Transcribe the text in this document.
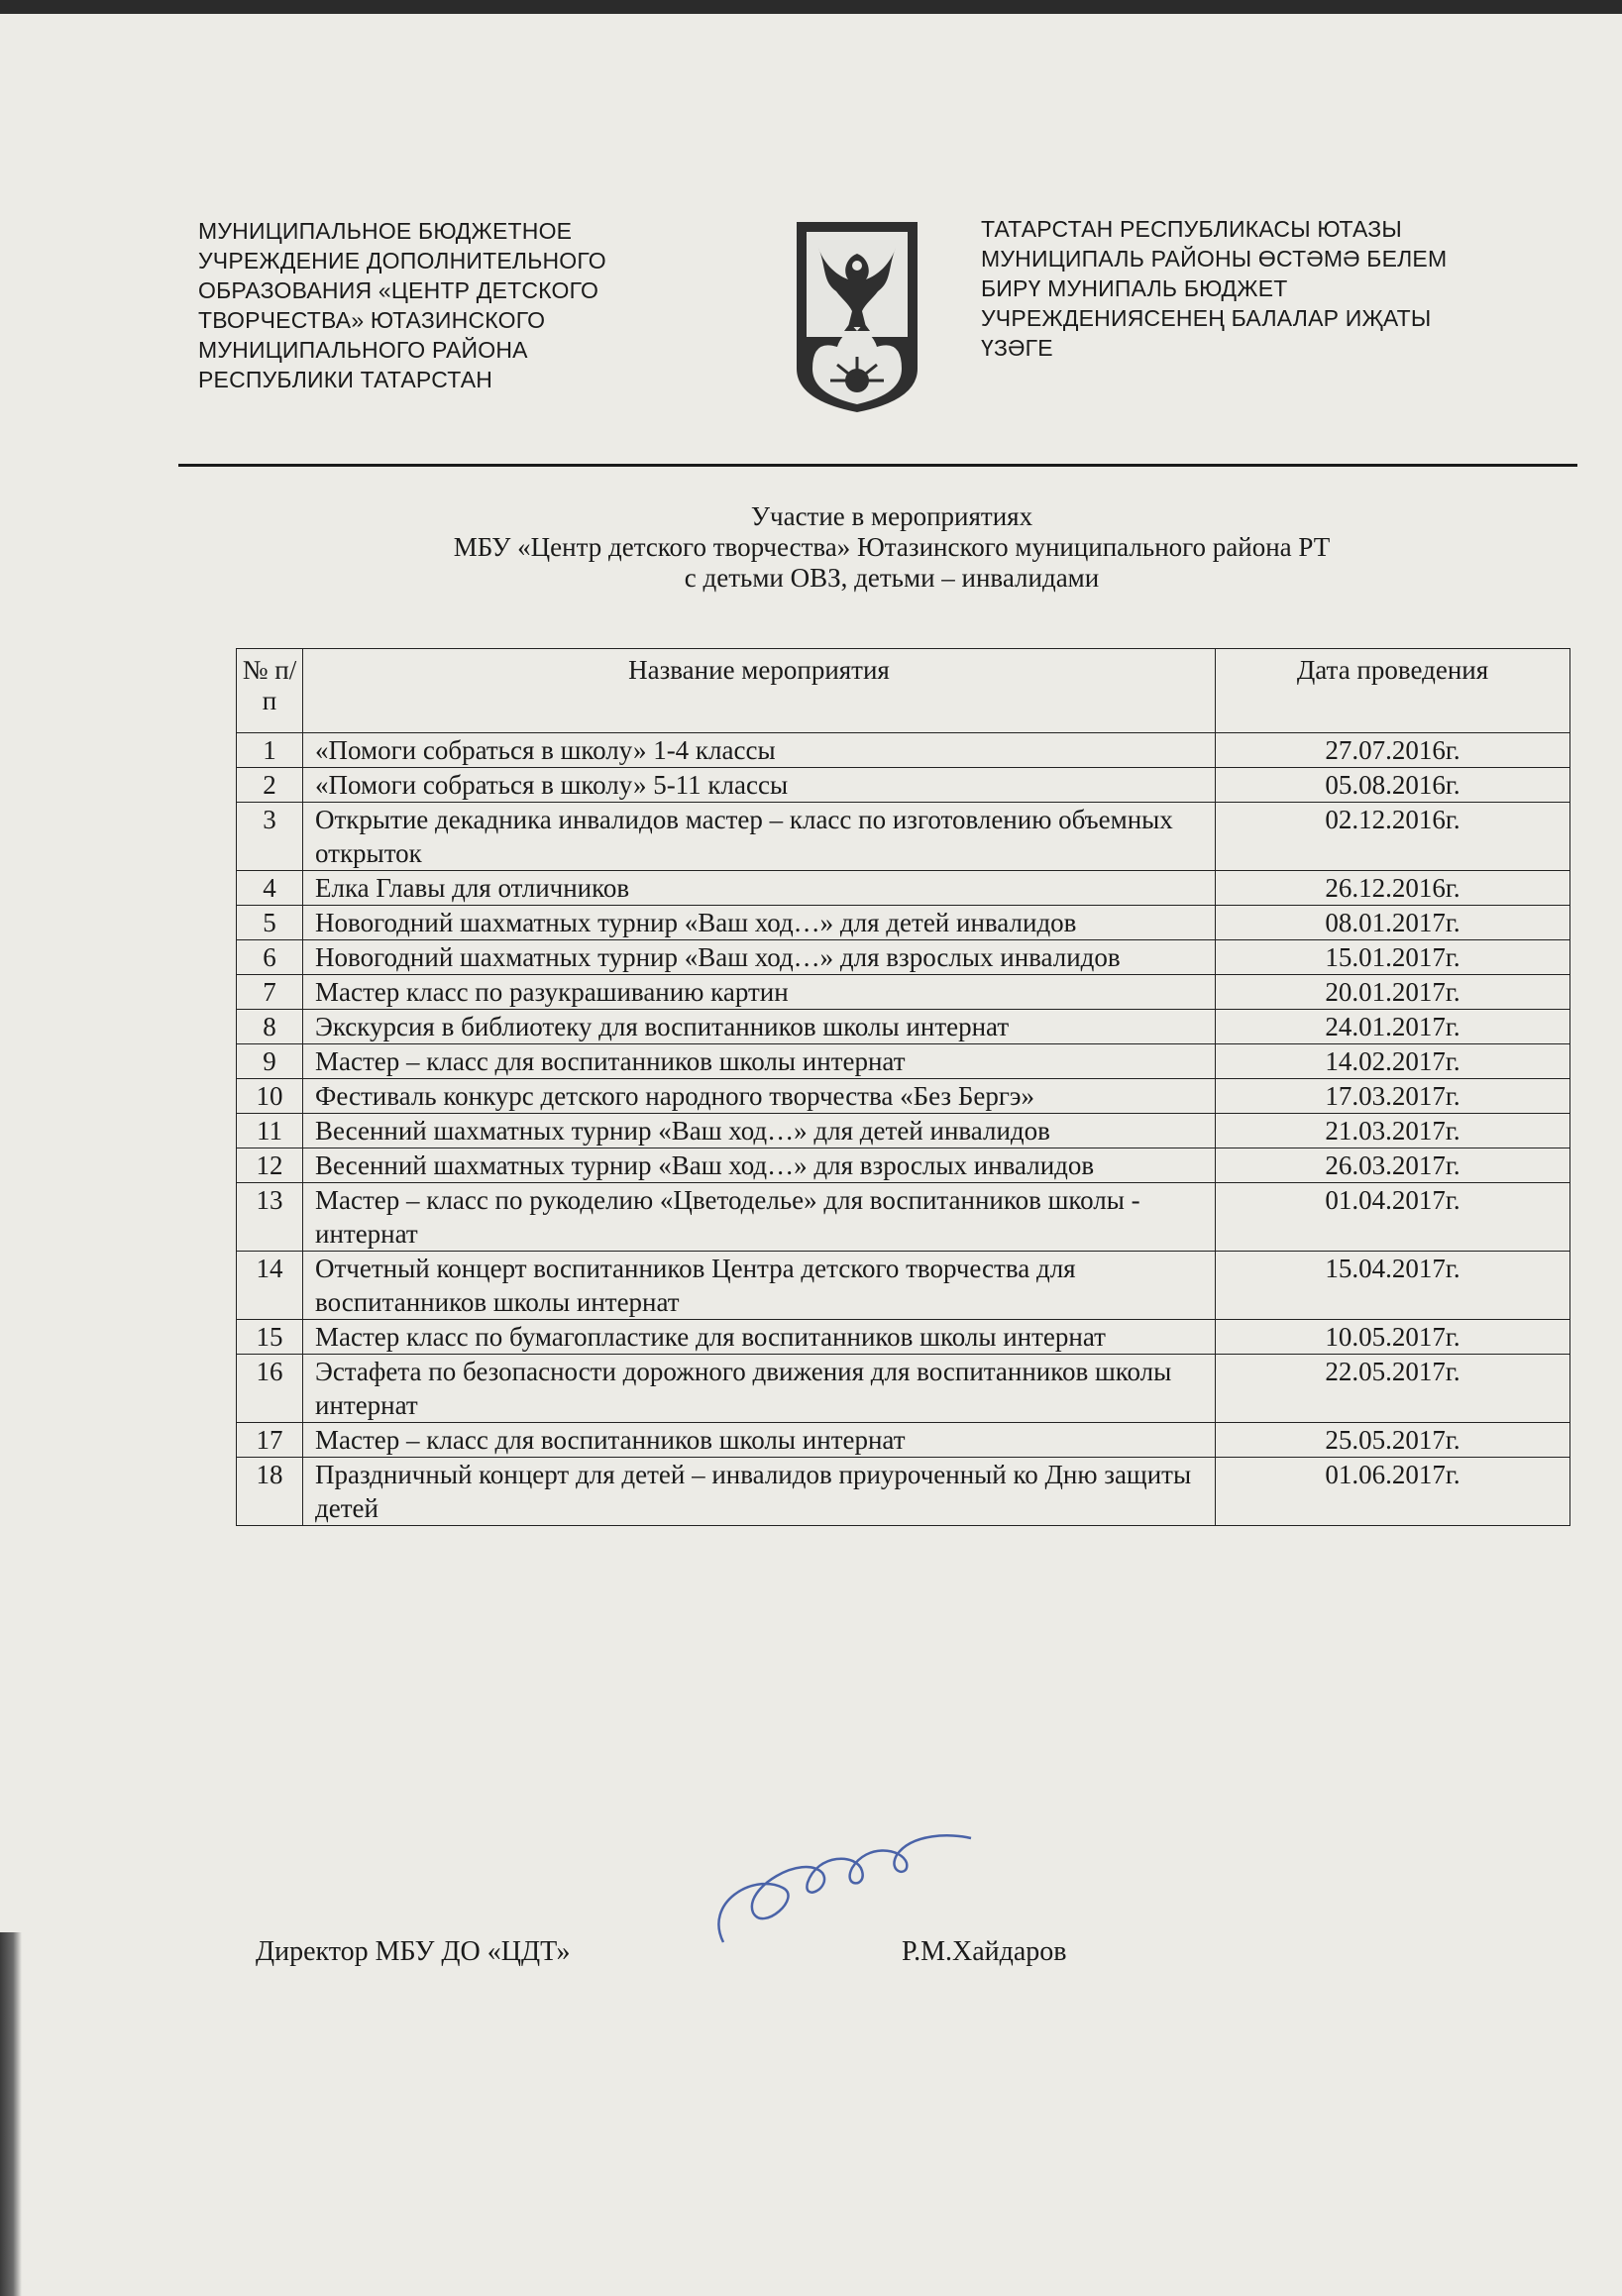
МУНИЦИПАЛЬНОЕ БЮДЖЕТНОЕ
УЧРЕЖДЕНИЕ ДОПОЛНИТЕЛЬНОГО
ОБРАЗОВАНИЯ «ЦЕНТР ДЕТСКОГО
ТВОРЧЕСТВА» ЮТАЗИНСКОГО
МУНИЦИПАЛЬНОГО РАЙОНА
РЕСПУБЛИКИ ТАТАРСТАН
ТАТАРСТАН РЕСПУБЛИКАСЫ ЮТАЗЫ
МУНИЦИПАЛЬ РАЙОНЫ ӨСТӘМӘ БЕЛЕМ
БИРҮ МУНИПАЛЬ БЮДЖЕТ
УЧРЕЖДЕНИЯСЕНЕҢ БАЛАЛАР ИҖАТЫ
ҮЗӘГЕ
Участие в мероприятиях
МБУ «Центр детского творчества» Ютазинского муниципального района РТ
с детьми ОВЗ, детьми – инвалидами
№ п/п	Название мероприятия	Дата проведения
1	«Помоги собраться в школу» 1-4 классы	27.07.2016г.
2	«Помоги собраться в школу» 5-11 классы	05.08.2016г.
3	Открытие декадника инвалидов мастер – класс по изготовлению объемных открыток	02.12.2016г.
4	Елка Главы для отличников	26.12.2016г.
5	Новогодний шахматных турнир «Ваш ход…» для детей инвалидов	08.01.2017г.
6	Новогодний шахматных турнир «Ваш ход…» для взрослых инвалидов	15.01.2017г.
7	Мастер класс по разукрашиванию картин	20.01.2017г.
8	Экскурсия в библиотеку для воспитанников школы интернат	24.01.2017г.
9	Мастер – класс для воспитанников школы интернат	14.02.2017г.
10	Фестиваль конкурс детского народного творчества «Без Бергэ»	17.03.2017г.
11	Весенний шахматных турнир «Ваш ход…» для детей инвалидов	21.03.2017г.
12	Весенний шахматных турнир «Ваш ход…» для взрослых инвалидов	26.03.2017г.
13	Мастер – класс по рукоделию «Цветоделье» для воспитанников школы - интернат	01.04.2017г.
14	Отчетный концерт воспитанников Центра детского творчества для воспитанников школы интернат	15.04.2017г.
15	Мастер класс по бумагопластике для воспитанников школы интернат	10.05.2017г.
16	Эстафета по безопасности дорожного движения для воспитанников школы интернат	22.05.2017г.
17	Мастер – класс для воспитанников школы интернат	25.05.2017г.
18	Праздничный концерт для детей – инвалидов приуроченный ко Дню защиты детей	01.06.2017г.
Директор МБУ ДО «ЦДТ»	Р.М.Хайдаров
